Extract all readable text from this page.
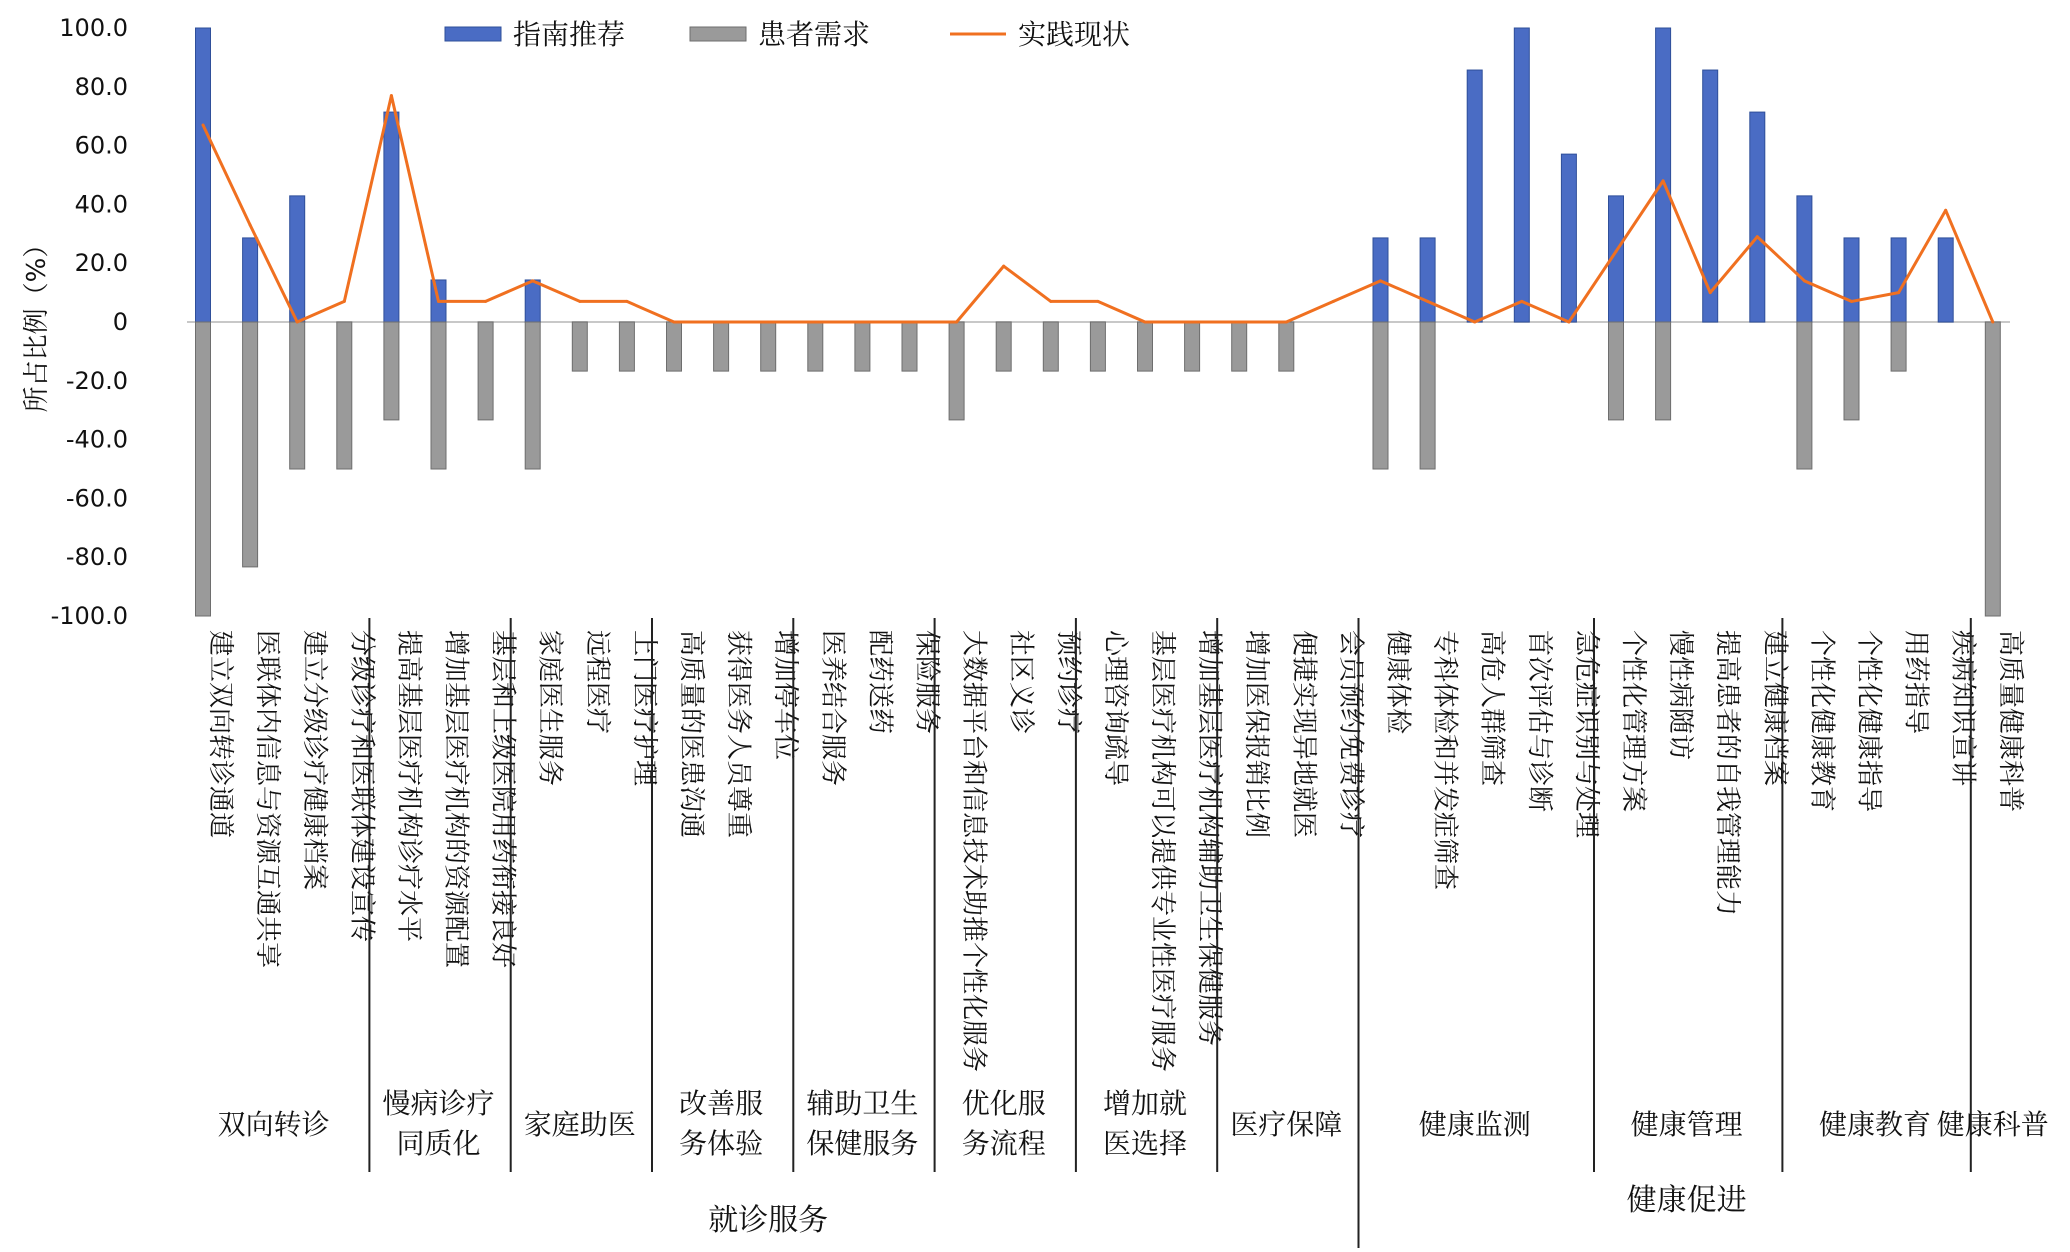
100.0
80.0
60.0
40.0
20.0
0
-20.0
-40.0
-60.0
-80.0
-100.0
所占比例（%）
建立双向转诊通道 医联体内信息与资源互通共享 建立分级诊疗健康档案 分级诊疗和医联体建设宣传 提高基层医疗机构诊疗水平 增加基层医疗机构的资源配置 基层和上级医院用药衔接良好 家庭医生服务 远程医疗 上门医疗护理 高质量的医患沟通 获得医务人员尊重 增加停车位 医养结合服务 配药送药 保险服务 大数据平台和信息技术助推个性化服务 社区义诊 预约诊疗 心理咨询疏导 基层医疗机构可以提供专业性医疗服务 增加基层医疗机构辅助卫生保健服务 增加医保报销比例 便捷实现异地就医 会员预约免费诊疗 健康体检 专科体检和并发症筛查 高危人群筛查 首次评估与诊断 急危症识别与处理 个性化管理方案 慢性病随访 提高患者的自我管理能力 建立健康档案 个性化健康教育 个性化健康指导 用药指导 疾病知识宣讲 高质量健康科普
双向转诊
慢病诊疗
同质化
家庭助医
改善服
务体验
辅助卫生
保健服务
优化服
务流程
增加就
医选择
医疗保障	健康监测	健康管理	健康教育 健康科普
就诊服务
健康促进
指南推荐	患者需求	实践现状
